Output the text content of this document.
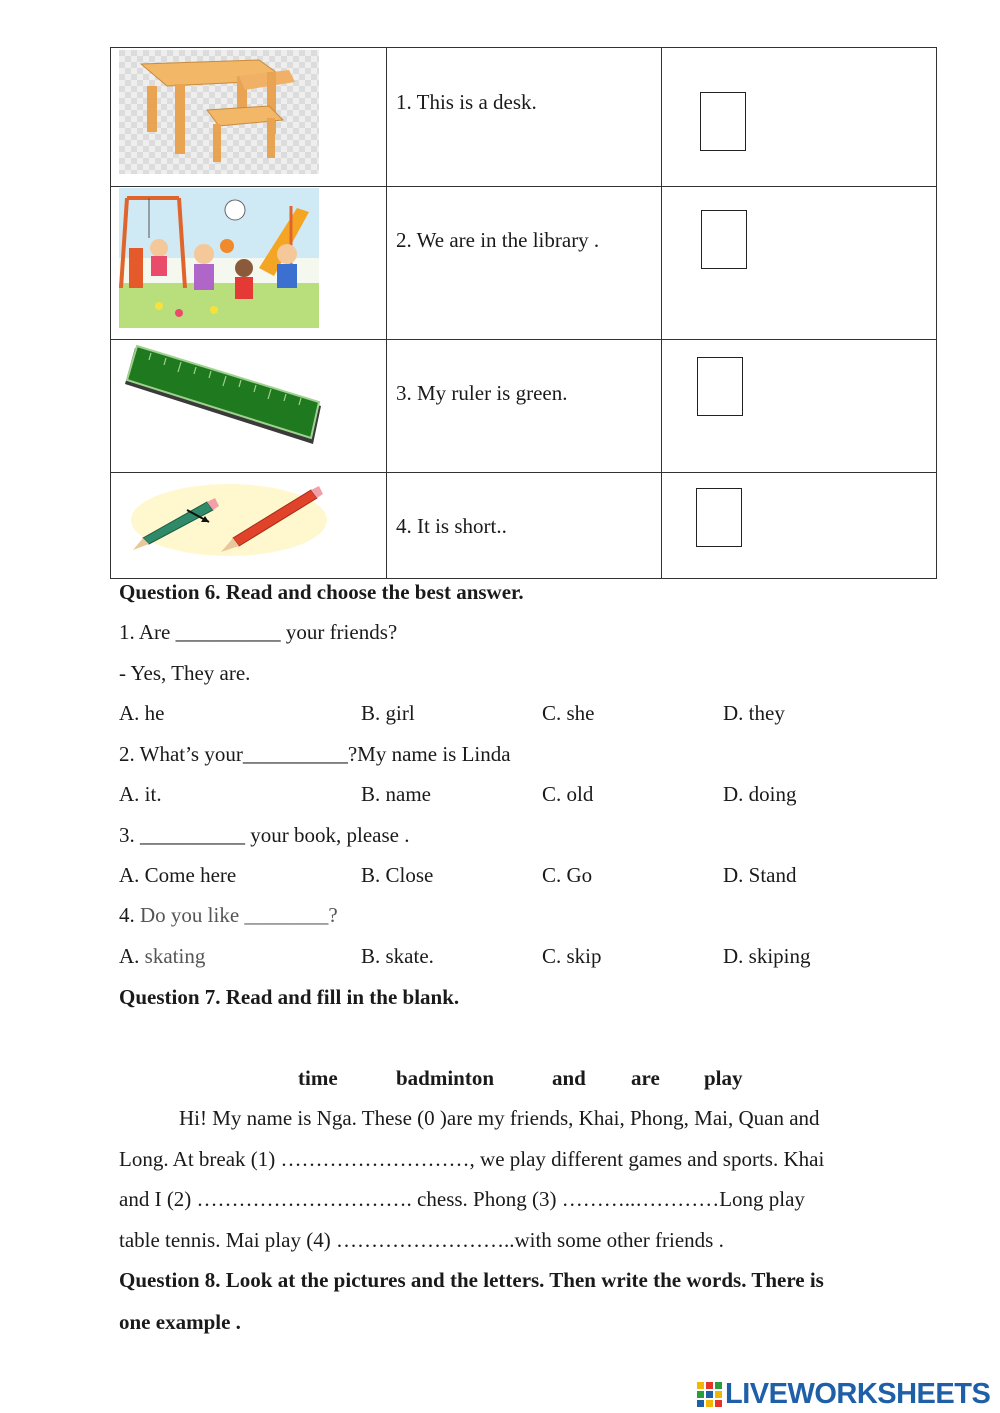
1. This is a desk.
2. We are in the library .
3. My ruler is green.
4. It is short..
Question 6. Read and choose the best answer.
1. Are __________ your friends?
- Yes, They are.
A. he	B. girl	C. she	D. they
2. What’s your__________?My name is Linda
A. it.	B. name	C. old	D. doing
3. __________ your book, please .
A. Come here	B. Close	C. Go	D. Stand
4. Do you like ________?
A. skating	B. skate.	C. skip	D. skiping
Question 7. Read and fill in the blank.
time	badminton	and are play
Hi! My name is Nga. These (0 )are my friends, Khai, Phong, Mai, Quan and
Long. At break (1) ………………………, we play different games and sports. Khai
and I (2) …………………………. chess. Phong (3) ………..…………Long play
table tennis. Mai play (4) ……………………..with some other friends .
Question 8. Look at the pictures and the letters. Then write the words. There is
one example .
LIVEWORKSHEETS
